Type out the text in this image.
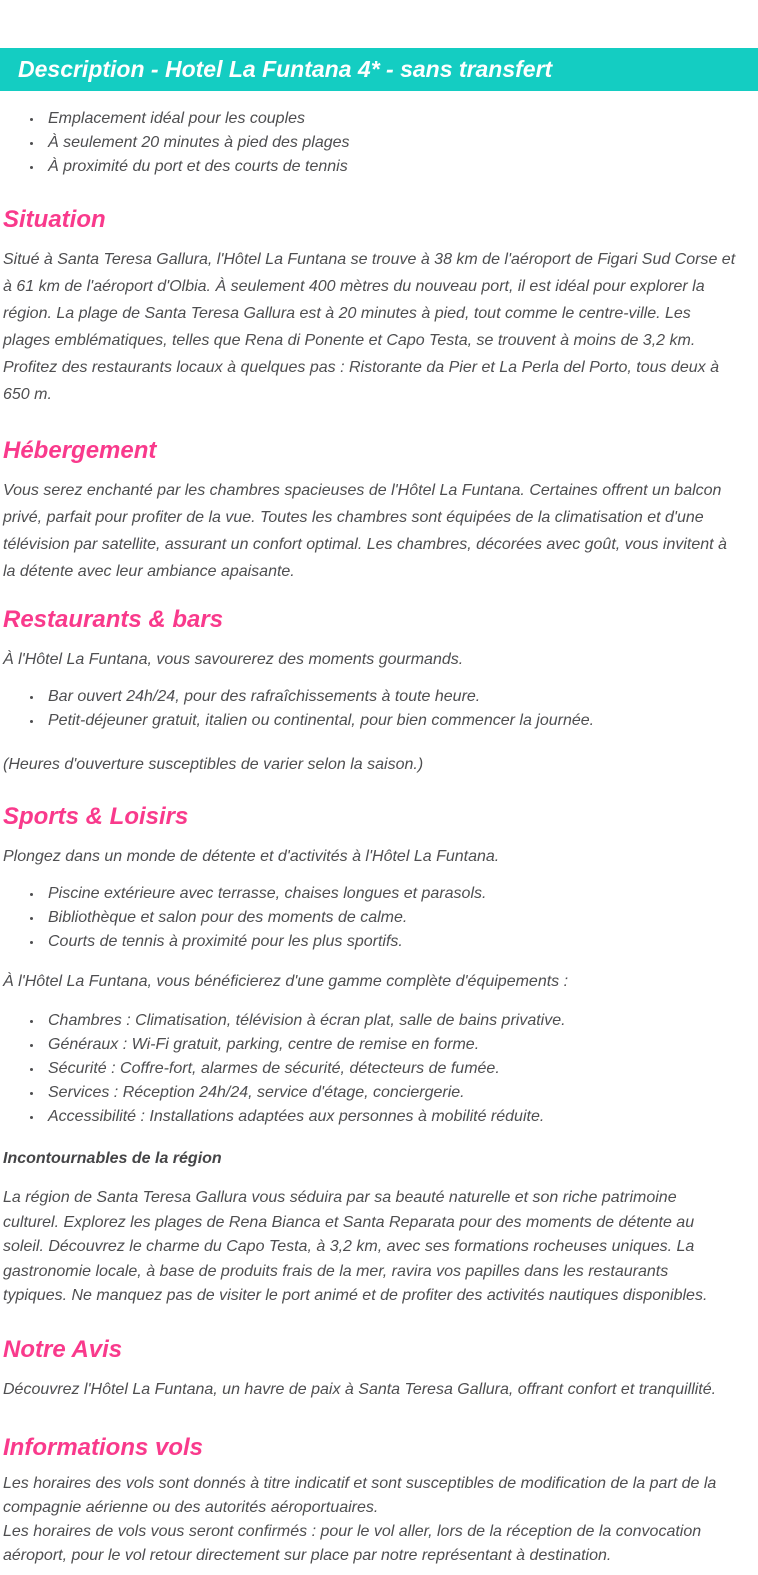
Description - Hotel La Funtana 4* - sans transfert
• Emplacement idéal pour les couples
• À seulement 20 minutes à pied des plages
• À proximité du port et des courts de tennis
Situation

Situé à Santa Teresa Gallura, l'Hôtel La Funtana se trouve à 38 km de l'aéroport de Figari Sud Corse et à 61 km de l'aéroport d'Olbia. À seulement 400 mètres du nouveau port, il est idéal pour explorer la région. La plage de Santa Teresa Gallura est à 20 minutes à pied, tout comme le centre-ville. Les plages emblématiques, telles que Rena di Ponente et Capo Testa, se trouvent à moins de 3,2 km. Profitez des restaurants locaux à quelques pas : Ristorante da Pier et La Perla del Porto, tous deux à 650 m.

Hébergement

Vous serez enchanté par les chambres spacieuses de l'Hôtel La Funtana. Certaines offrent un balcon privé, parfait pour profiter de la vue. Toutes les chambres sont équipées de la climatisation et d'une télévision par satellite, assurant un confort optimal. Les chambres, décorées avec goût, vous invitent à la détente avec leur ambiance apaisante.

Restaurants & bars

À l'Hôtel La Funtana, vous savourerez des moments gourmands.

• Bar ouvert 24h/24, pour des rafraîchissements à toute heure.
• Petit-déjeuner gratuit, italien ou continental, pour bien commencer la journée.

(Heures d'ouverture susceptibles de varier selon la saison.)

Sports & Loisirs

Plongez dans un monde de détente et d'activités à l'Hôtel La Funtana.

• Piscine extérieure avec terrasse, chaises longues et parasols.
• Bibliothèque et salon pour des moments de calme.
• Courts de tennis à proximité pour les plus sportifs.

À l'Hôtel La Funtana, vous bénéficierez d'une gamme complète d'équipements :

• Chambres : Climatisation, télévision à écran plat, salle de bains privative.
• Généraux : Wi-Fi gratuit, parking, centre de remise en forme.
• Sécurité : Coffre-fort, alarmes de sécurité, détecteurs de fumée.
• Services : Réception 24h/24, service d'étage, conciergerie.
• Accessibilité : Installations adaptées aux personnes à mobilité réduite.

Incontournables de la région

La région de Santa Teresa Gallura vous séduira par sa beauté naturelle et son riche patrimoine culturel. Explorez les plages de Rena Bianca et Santa Reparata pour des moments de détente au soleil. Découvrez le charme du Capo Testa, à 3,2 km, avec ses formations rocheuses uniques. La gastronomie locale, à base de produits frais de la mer, ravira vos papilles dans les restaurants typiques. Ne manquez pas de visiter le port animé et de profiter des activités nautiques disponibles.

Notre Avis

Découvrez l'Hôtel La Funtana, un havre de paix à Santa Teresa Gallura, offrant confort et tranquillité.

Informations vols

Les horaires des vols sont donnés à titre indicatif et sont susceptibles de modification de la part de la compagnie aérienne ou des autorités aéroportuaires.

Les horaires de vols vous seront confirmés : pour le vol aller, lors de la réception de la convocation aéroport, pour le vol retour directement sur place par notre représentant à destination.
